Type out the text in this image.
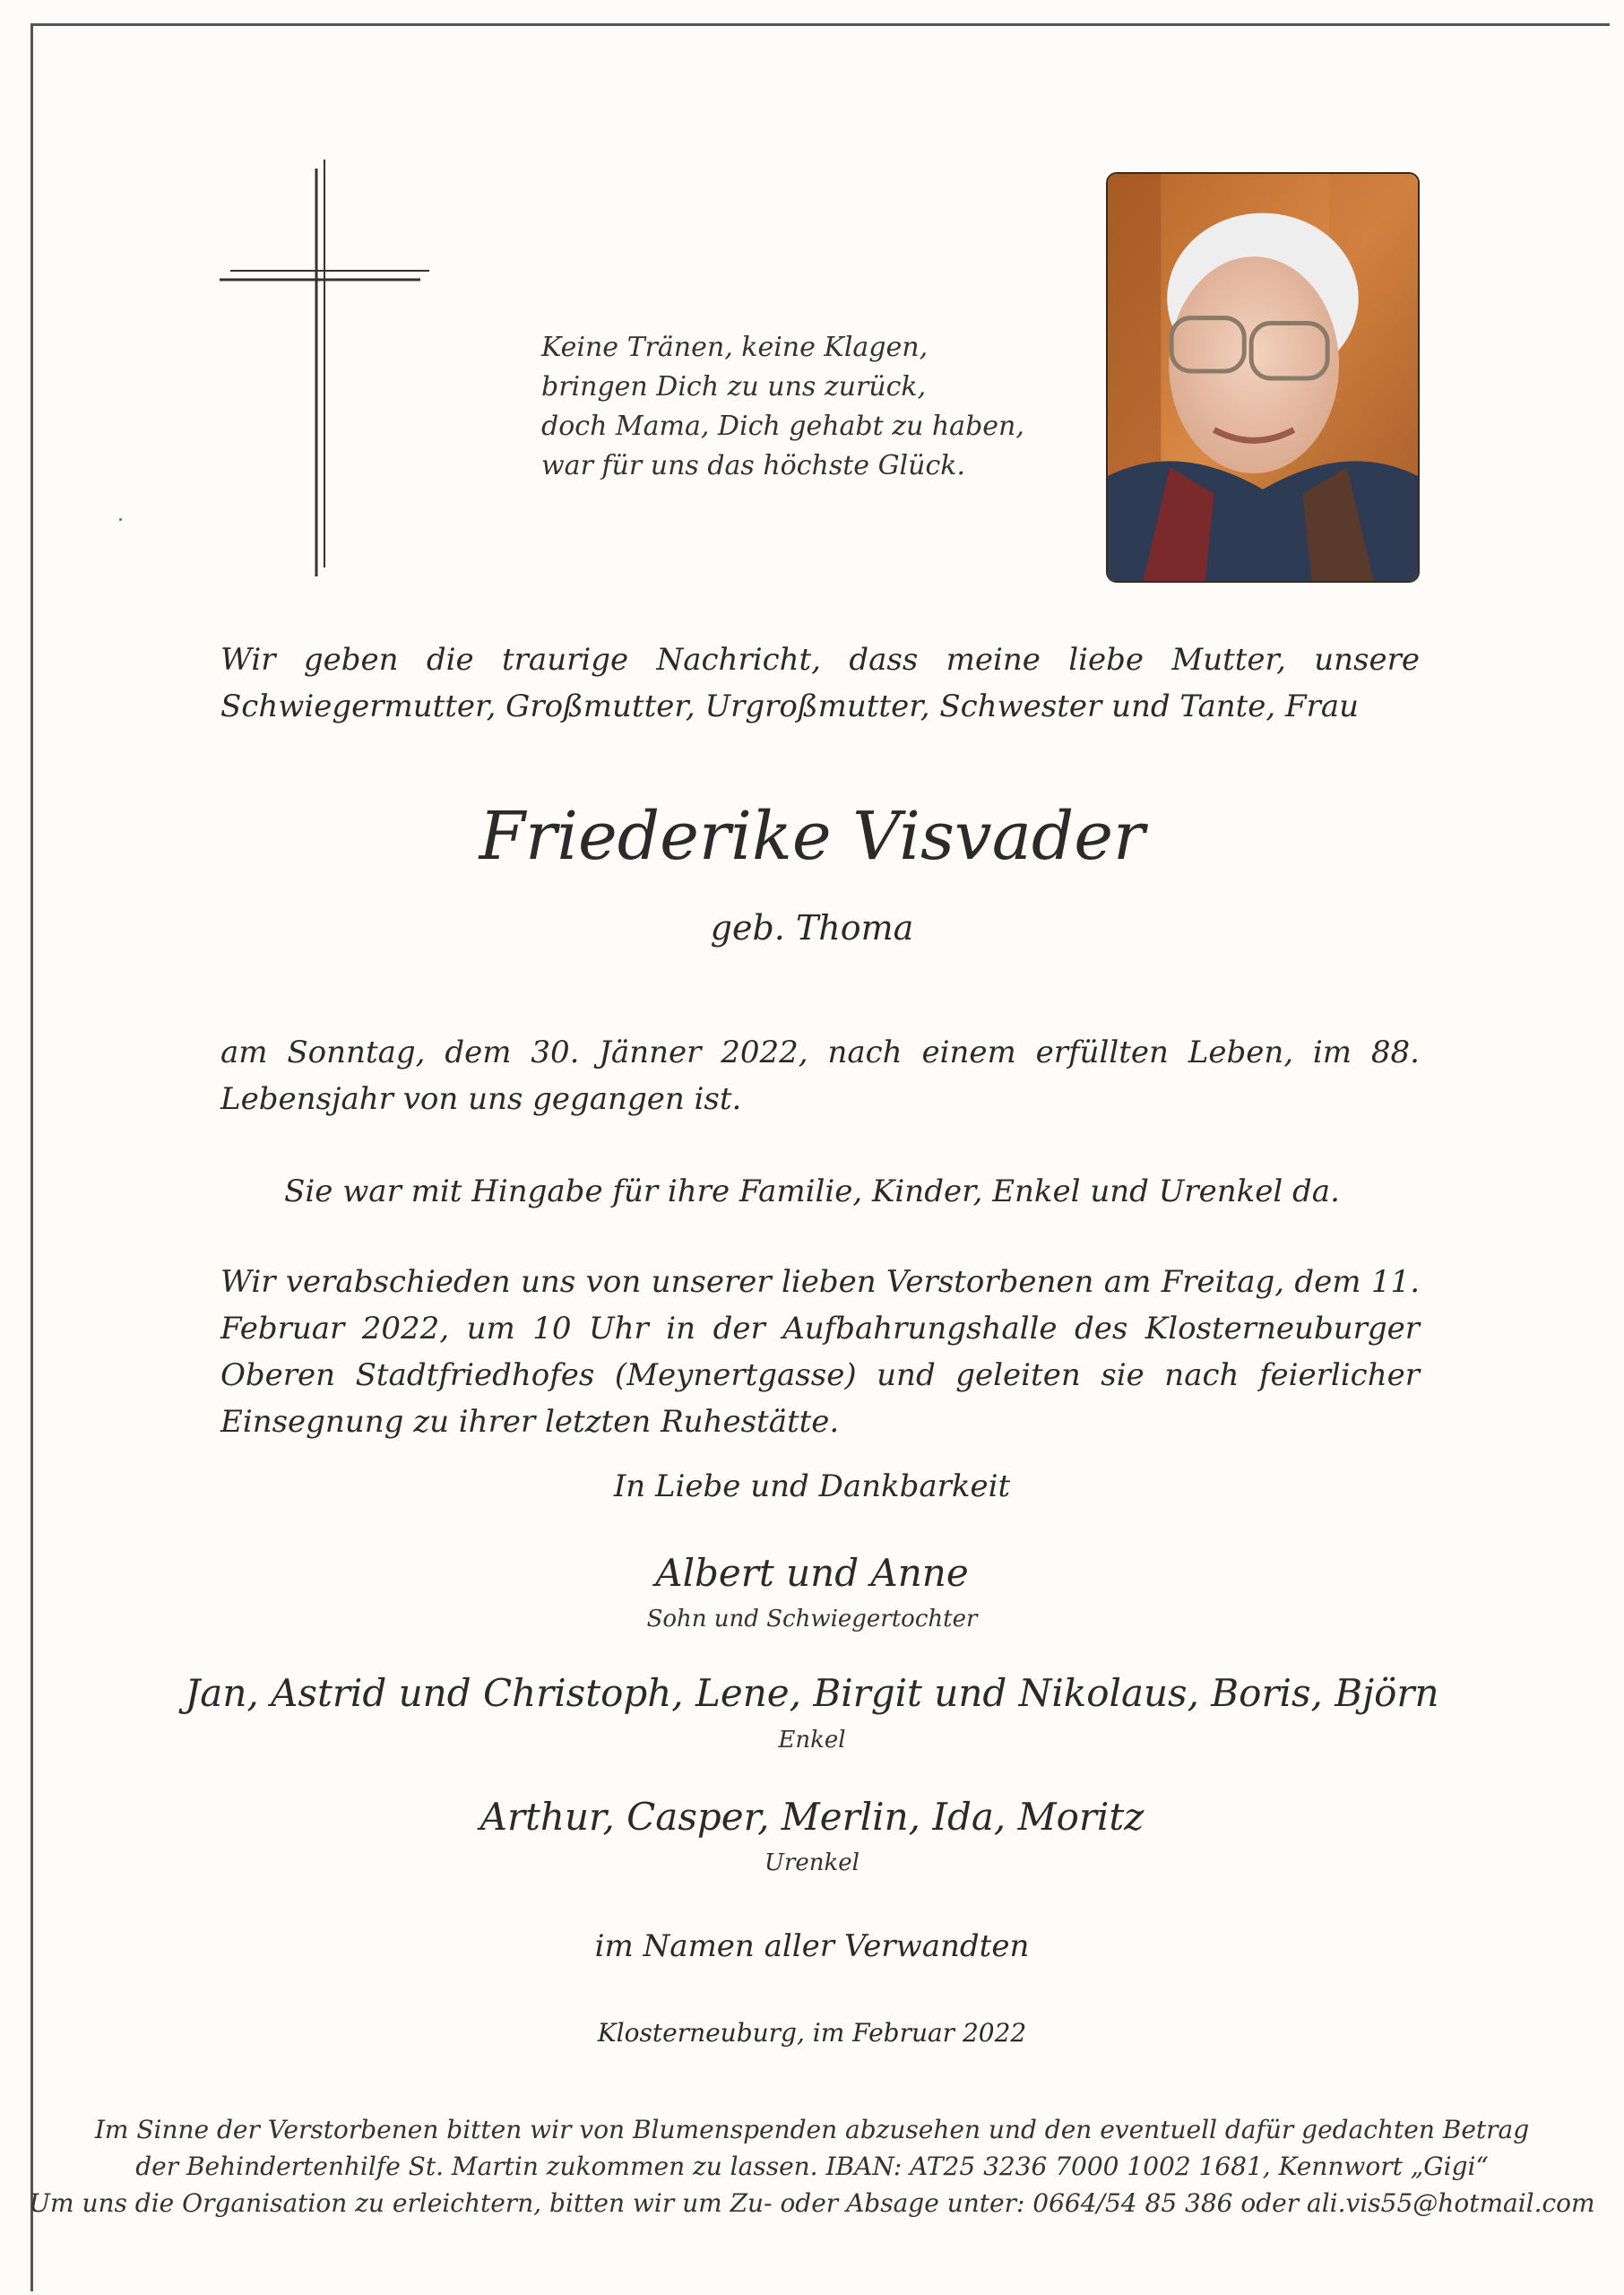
Keine Tränen, keine Klagen,
bringen Dich zu uns zurück,
doch Mama, Dich gehabt zu haben,
war für uns das höchste Glück.
Wir geben die traurige Nachricht, dass meine liebe Mutter, unsere Schwiegermutter, Großmutter, Urgroßmutter, Schwester und Tante, Frau
Friederike Visvader
geb. Thoma
am Sonntag, dem 30. Jänner 2022, nach einem erfüllten Leben, im 88. Lebensjahr von uns gegangen ist.
Sie war mit Hingabe für ihre Familie, Kinder, Enkel und Urenkel da.
Wir verabschieden uns von unserer lieben Verstorbenen am Freitag, dem 11. Februar 2022, um 10 Uhr in der Aufbahrungshalle des Klosterneuburger Oberen Stadtfriedhofes (Meynertgasse) und geleiten sie nach feierlicher Einsegnung zu ihrer letzten Ruhestätte.
In Liebe und Dankbarkeit
Albert und Anne
Sohn und Schwiegertochter
Jan, Astrid und Christoph, Lene, Birgit und Nikolaus, Boris, Björn
Enkel
Arthur, Casper, Merlin, Ida, Moritz
Urenkel
im Namen aller Verwandten
Klosterneuburg, im Februar 2022
Im Sinne der Verstorbenen bitten wir von Blumenspenden abzusehen und den eventuell dafür gedachten Betrag
der Behindertenhilfe St. Martin zukommen zu lassen. IBAN: AT25 3236 7000 1002 1681, Kennwort „Gigi“
Um uns die Organisation zu erleichtern, bitten wir um Zu- oder Absage unter: 0664/54 85 386 oder ali.vis55@hotmail.com
